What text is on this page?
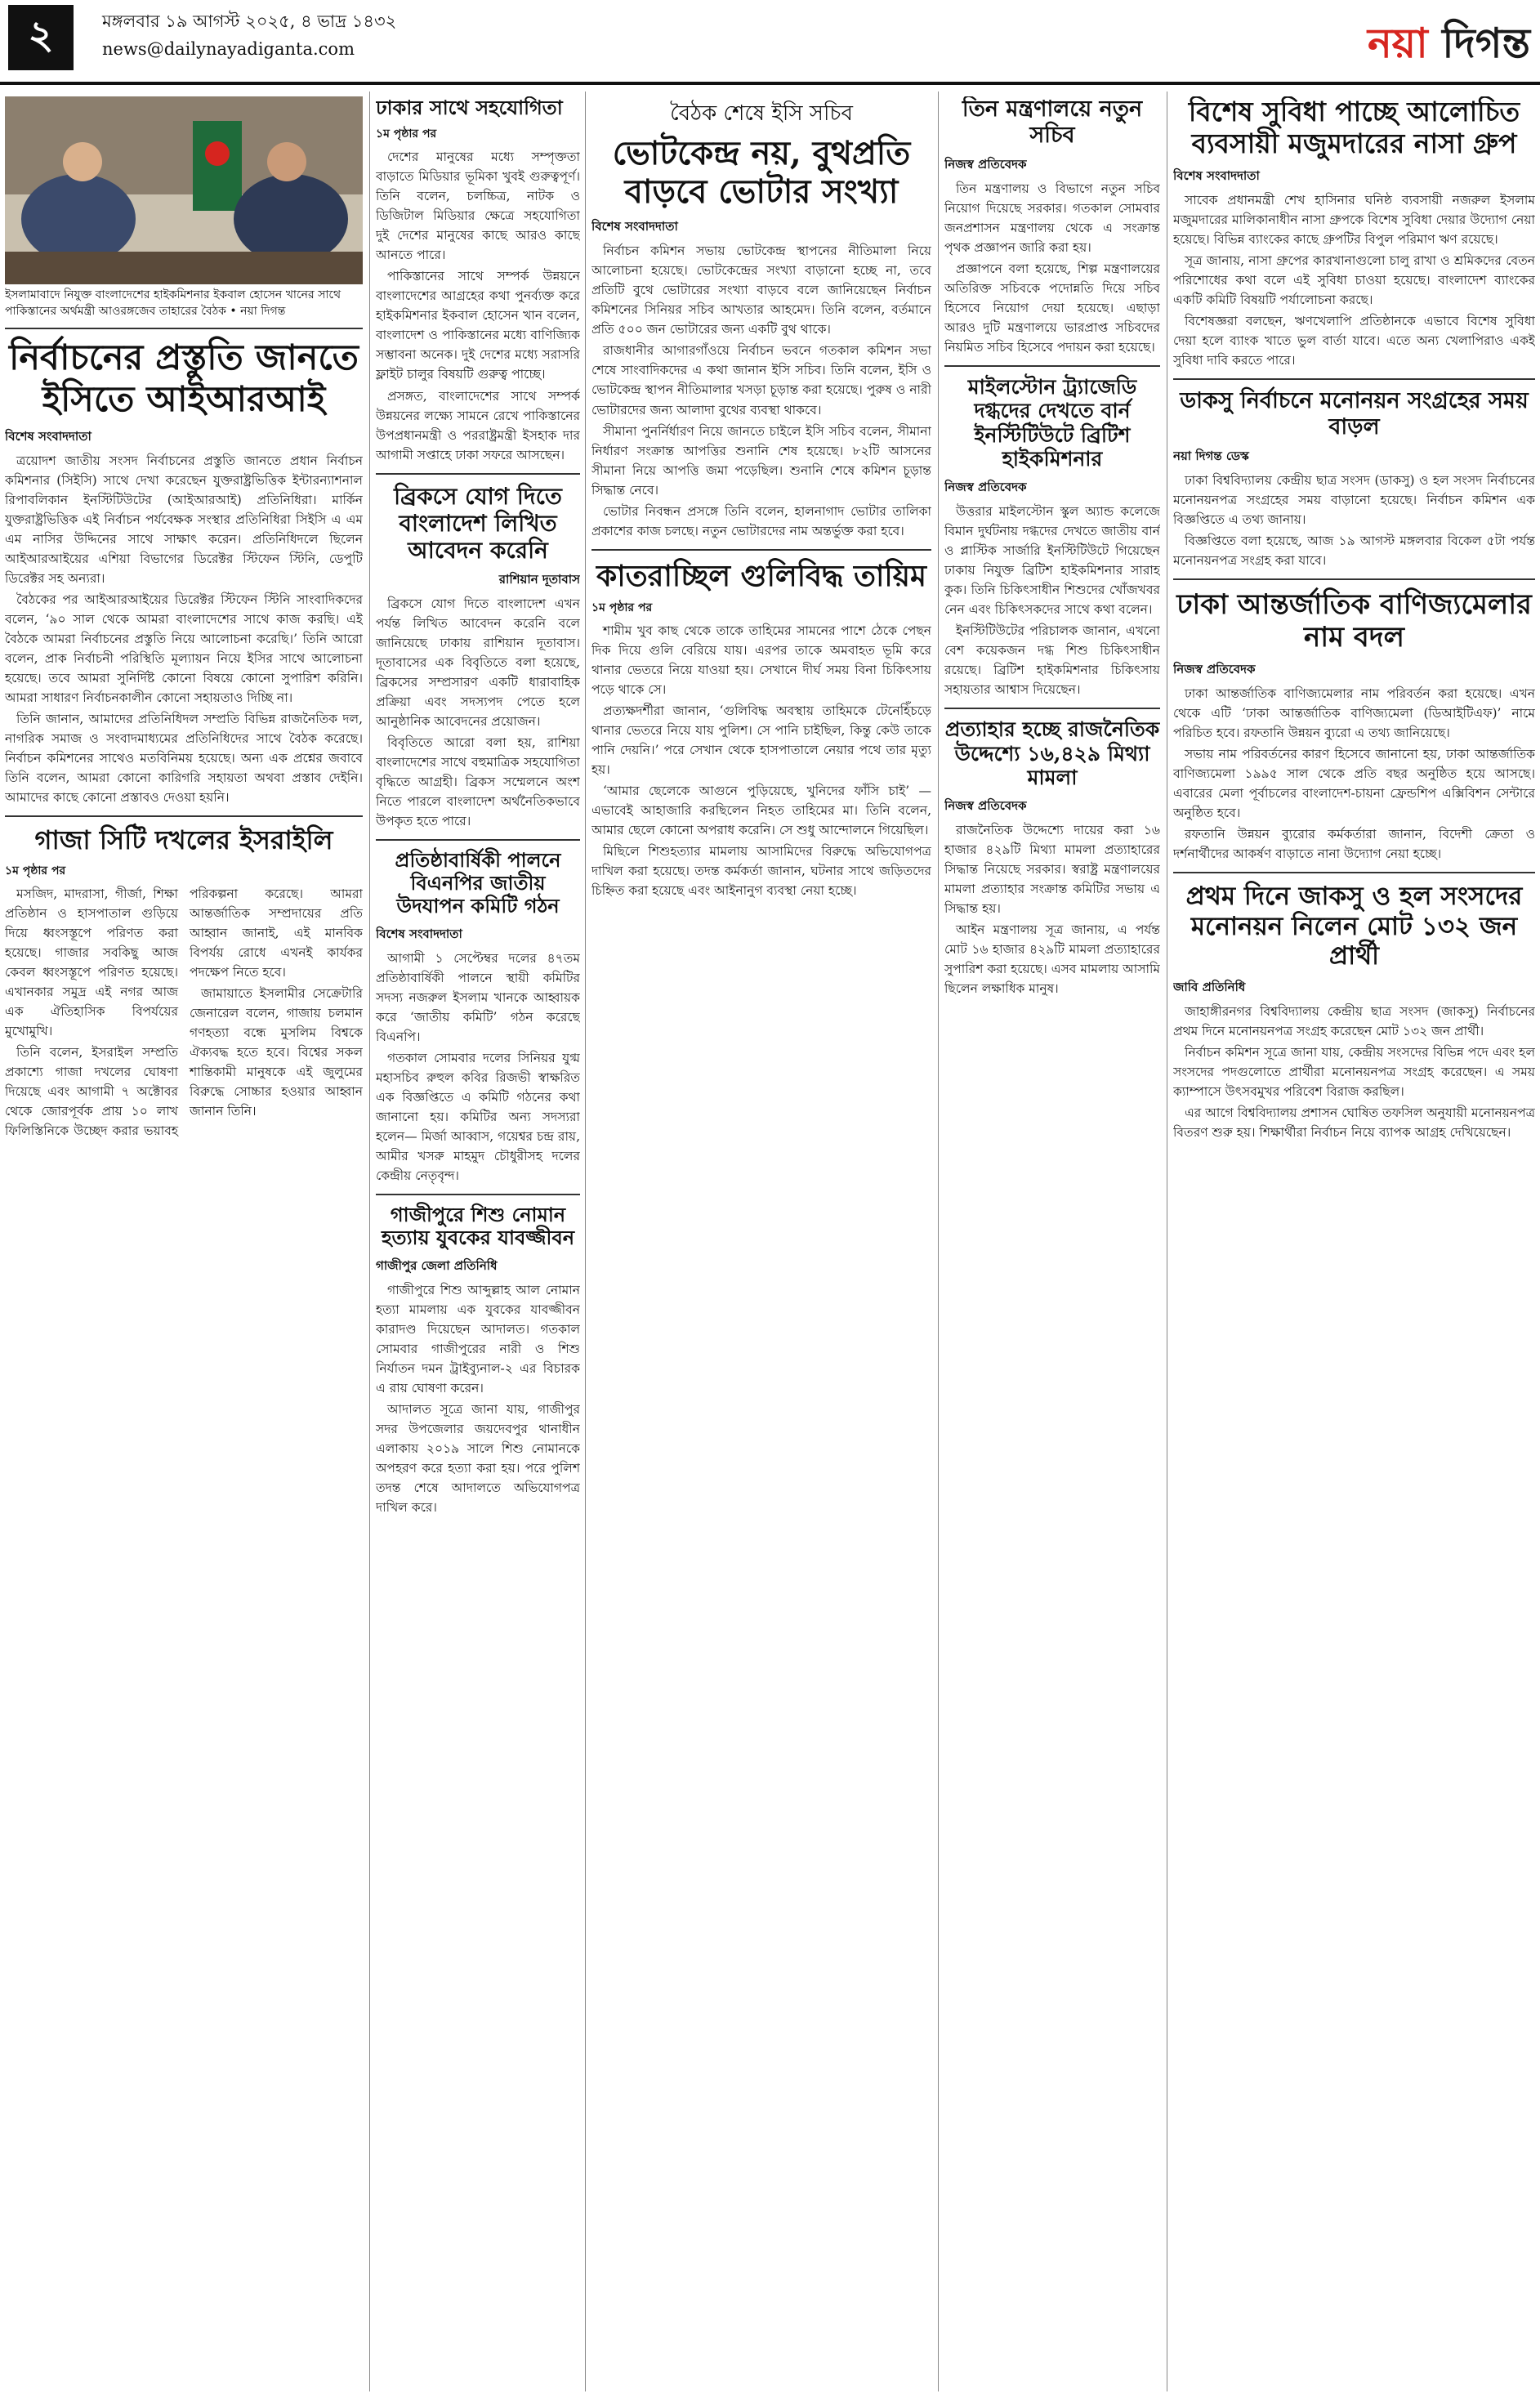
২	মঙ্গলবার ১৯ আগস্ট ২০২৫, ৪ ভাদ্র ১৪৩২
news@dailynayadiganta.com	নয়া দিগন্ত
ইসলামাবাদে নিযুক্ত বাংলাদেশের হাইকমিশনার ইকবাল হোসেন খানের সাথে পাকিস্তানের অর্থমন্ত্রী আওরঙ্গজেব তাহারের বৈঠক • নয়া দিগন্ত
নির্বাচনের প্রস্তুতি জানতে ইসিতে আইআরআই
বিশেষ সংবাদদাতা

ত্রয়োদশ জাতীয় সংসদ নির্বাচনের প্রস্তুতি জানতে প্রধান নির্বাচন কমিশনার (সিইসি) সাথে দেখা করেছেন যুক্তরাষ্ট্রভিত্তিক ইন্টারন্যাশনাল রিপাবলিকান ইনস্টিটিউটের (আইআরআই) প্রতিনিধিরা। মার্কিন যুক্তরাষ্ট্রভিত্তিক এই নির্বাচন পর্যবেক্ষক সংস্থার প্রতিনিধিরা সিইসি এ এম এম নাসির উদ্দিনের সাথে সাক্ষাৎ করেন। প্রতিনিধিদলে ছিলেন আইআরআইয়ের এশিয়া বিভাগের ডিরেক্টর স্টিফেন স্টিনি, ডেপুটি ডিরেক্টর সহ অন্যরা।

বৈঠকের পর আইআরআইয়ের ডিরেক্টর স্টিফেন স্টিনি সাংবাদিকদের বলেন, ‘৯০ সাল থেকে আমরা বাংলাদেশের সাথে কাজ করছি। এই বৈঠকে আমরা নির্বাচনের প্রস্তুতি নিয়ে আলোচনা করেছি।’ তিনি আরো বলেন, প্রাক নির্বাচনী পরিস্থিতি মূল্যায়ন নিয়ে ইসির সাথে আলোচনা হয়েছে। তবে আমরা সুনির্দিষ্ট কোনো বিষয়ে কোনো সুপারিশ করিনি। আমরা সাধারণ নির্বাচনকালীন কোনো সহায়তাও দিচ্ছি না।

তিনি জানান, আমাদের প্রতিনিধিদল সম্প্রতি বিভিন্ন রাজনৈতিক দল, নাগরিক সমাজ ও সংবাদমাধ্যমের প্রতিনিধিদের সাথে বৈঠক করেছে। নির্বাচন কমিশনের সাথেও মতবিনিময় হয়েছে। অন্য এক প্রশ্নের জবাবে তিনি বলেন, আমরা কোনো কারিগরি সহায়তা অথবা প্রস্তাব দেইনি। আমাদের কাছে কোনো প্রস্তাবও দেওয়া হয়নি।

গাজা সিটি দখলের ইসরাইলি
১ম পৃষ্ঠার পর

মসজিদ, মাদরাসা, গীর্জা, শিক্ষা প্রতিষ্ঠান ও হাসপাতাল গুড়িয়ে দিয়ে ধ্বংসস্তূপে পরিণত করা হয়েছে। গাজার সবকিছু আজ কেবল ধ্বংসস্তূপে পরিণত হয়েছে। এখানকার সমুদ্র এই নগর আজ এক ঐতিহাসিক বিপর্যয়ের মুখোমুখি।

তিনি বলেন, ইসরাইল সম্প্রতি প্রকাশ্যে গাজা দখলের ঘোষণা দিয়েছে এবং আগামী ৭ অক্টোবর থেকে জোরপূর্বক প্রায় ১০ লাখ ফিলিস্তিনিকে উচ্ছেদ করার ভয়াবহ পরিকল্পনা করেছে। আমরা আন্তর্জাতিক সম্প্রদায়ের প্রতি আহ্বান জানাই, এই মানবিক বিপর্যয় রোধে এখনই কার্যকর পদক্ষেপ নিতে হবে।

জামায়াতে ইসলামীর সেক্রেটারি জেনারেল বলেন, গাজায় চলমান গণহত্যা বন্ধে মুসলিম বিশ্বকে ঐক্যবদ্ধ হতে হবে। বিশ্বের সকল শান্তিকামী মানুষকে এই জুলুমের বিরুদ্ধে সোচ্চার হওয়ার আহ্বান জানান তিনি।

ঢাকার সাথে সহযোগিতা
১ম পৃষ্ঠার পর

দেশের মানুষের মধ্যে সম্পৃক্ততা বাড়াতে মিডিয়ার ভূমিকা খুবই গুরুত্বপূর্ণ। তিনি বলেন, চলচ্চিত্র, নাটক ও ডিজিটাল মিডিয়ার ক্ষেত্রে সহযোগিতা দুই দেশের মানুষের কাছে আরও কাছে আনতে পারে।

পাকিস্তানের সাথে সম্পর্ক উন্নয়নে বাংলাদেশের আগ্রহের কথা পুনর্ব্যক্ত করে হাইকমিশনার ইকবাল হোসেন খান বলেন, বাংলাদেশ ও পাকিস্তানের মধ্যে বাণিজ্যিক সম্ভাবনা অনেক। দুই দেশের মধ্যে সরাসরি ফ্লাইট চালুর বিষয়টি গুরুত্ব পাচ্ছে।

প্রসঙ্গত, বাংলাদেশের সাথে সম্পর্ক উন্নয়নের লক্ষ্যে সামনে রেখে পাকিস্তানের উপপ্রধানমন্ত্রী ও পররাষ্ট্রমন্ত্রী ইসহাক দার আগামী সপ্তাহে ঢাকা সফরে আসছেন।

ব্রিকসে যোগ দিতে বাংলাদেশ লিখিত আবেদন করেনি
রাশিয়ান দূতাবাস

ব্রিকসে যোগ দিতে বাংলাদেশ এখন পর্যন্ত লিখিত আবেদন করেনি বলে জানিয়েছে ঢাকায় রাশিয়ান দূতাবাস। দূতাবাসের এক বিবৃতিতে বলা হয়েছে, ব্রিকসের সম্প্রসারণ একটি ধারাবাহিক প্রক্রিয়া এবং সদস্যপদ পেতে হলে আনুষ্ঠানিক আবেদনের প্রয়োজন।

বিবৃতিতে আরো বলা হয়, রাশিয়া বাংলাদেশের সাথে বহুমাত্রিক সহযোগিতা বৃদ্ধিতে আগ্রহী। ব্রিকস সম্মেলনে অংশ নিতে পারলে বাংলাদেশ অর্থনৈতিকভাবে উপকৃত হতে পারে।

প্রতিষ্ঠাবার্ষিকী পালনে বিএনপির জাতীয় উদযাপন কমিটি গঠন
বিশেষ সংবাদদাতা

আগামী ১ সেপ্টেম্বর দলের ৪৭তম প্রতিষ্ঠাবার্ষিকী পালনে স্থায়ী কমিটির সদস্য নজরুল ইসলাম খানকে আহ্বায়ক করে ‘জাতীয় কমিটি’ গঠন করেছে বিএনপি।

গতকাল সোমবার দলের সিনিয়র যুগ্ম মহাসচিব রুহুল কবির রিজভী স্বাক্ষরিত এক বিজ্ঞপ্তিতে এ কমিটি গঠনের কথা জানানো হয়। কমিটির অন্য সদস্যরা হলেন— মির্জা আব্বাস, গয়েশ্বর চন্দ্র রায়, আমীর খসরু মাহমুদ চৌধুরীসহ দলের কেন্দ্রীয় নেতৃবৃন্দ।

গাজীপুরে শিশু নোমান হত্যায় যুবকের যাবজ্জীবন
গাজীপুর জেলা প্রতিনিধি

গাজীপুরে শিশু আব্দুল্লাহ আল নোমান হত্যা মামলায় এক যুবকের যাবজ্জীবন কারাদণ্ড দিয়েছেন আদালত। গতকাল সোমবার গাজীপুরের নারী ও শিশু নির্যাতন দমন ট্রাইব্যুনাল-২ এর বিচারক এ রায় ঘোষণা করেন।

আদালত সূত্রে জানা যায়, গাজীপুর সদর উপজেলার জয়দেবপুর থানাধীন এলাকায় ২০১৯ সালে শিশু নোমানকে অপহরণ করে হত্যা করা হয়। পরে পুলিশ তদন্ত শেষে আদালতে অভিযোগপত্র দাখিল করে।

বৈঠক শেষে ইসি সচিব
ভোটকেন্দ্র নয়, বুথপ্রতি বাড়বে ভোটার সংখ্যা
বিশেষ সংবাদদাতা

নির্বাচন কমিশন সভায় ভোটকেন্দ্র স্থাপনের নীতিমালা নিয়ে আলোচনা হয়েছে। ভোটকেন্দ্রের সংখ্যা বাড়ানো হচ্ছে না, তবে প্রতিটি বুথে ভোটারের সংখ্যা বাড়বে বলে জানিয়েছেন নির্বাচন কমিশনের সিনিয়র সচিব আখতার আহমেদ। তিনি বলেন, বর্তমানে প্রতি ৫০০ জন ভোটারের জন্য একটি বুথ থাকে।

রাজধানীর আগারগাঁওয়ে নির্বাচন ভবনে গতকাল কমিশন সভা শেষে সাংবাদিকদের এ কথা জানান ইসি সচিব। তিনি বলেন, ইসি ও ভোটকেন্দ্র স্থাপন নীতিমালার খসড়া চূড়ান্ত করা হয়েছে। পুরুষ ও নারী ভোটারদের জন্য আলাদা বুথের ব্যবস্থা থাকবে।

সীমানা পুনর্নির্ধারণ নিয়ে জানতে চাইলে ইসি সচিব বলেন, সীমানা নির্ধারণ সংক্রান্ত আপত্তির শুনানি শেষ হয়েছে। ৮২টি আসনের সীমানা নিয়ে আপত্তি জমা পড়েছিল। শুনানি শেষে কমিশন চূড়ান্ত সিদ্ধান্ত নেবে।

ভোটার নিবন্ধন প্রসঙ্গে তিনি বলেন, হালনাগাদ ভোটার তালিকা প্রকাশের কাজ চলছে। নতুন ভোটারদের নাম অন্তর্ভুক্ত করা হবে।

কাতরাচ্ছিল গুলিবিদ্ধ তায়িম
১ম পৃষ্ঠার পর

শামীম খুব কাছ থেকে তাকে তাহিমের সামনের পাশে ঠেকে পেছন দিক দিয়ে গুলি বেরিয়ে যায়। এরপর তাকে অমবাহত ভূমি করে থানার ভেতরে নিয়ে যাওয়া হয়। সেখানে দীর্ঘ সময় বিনা চিকিৎসায় পড়ে থাকে সে।

প্রত্যক্ষদর্শীরা জানান, ‘গুলিবিদ্ধ অবস্থায় তাহিমকে টেনেহিঁচড়ে থানার ভেতরে নিয়ে যায় পুলিশ। সে পানি চাইছিল, কিন্তু কেউ তাকে পানি দেয়নি।’ পরে সেখান থেকে হাসপাতালে নেয়ার পথে তার মৃত্যু হয়।

‘আমার ছেলেকে আগুনে পুড়িয়েছে, খুনিদের ফাঁসি চাই’ — এভাবেই আহাজারি করছিলেন নিহত তাহিমের মা। তিনি বলেন, আমার ছেলে কোনো অপরাধ করেনি। সে শুধু আন্দোলনে গিয়েছিল।

মিছিলে শিশুহত্যার মামলায় আসামিদের বিরুদ্ধে অভিযোগপত্র দাখিল করা হয়েছে। তদন্ত কর্মকর্তা জানান, ঘটনার সাথে জড়িতদের চিহ্নিত করা হয়েছে এবং আইনানুগ ব্যবস্থা নেয়া হচ্ছে।

তিন মন্ত্রণালয়ে নতুন সচিব
নিজস্ব প্রতিবেদক

তিন মন্ত্রণালয় ও বিভাগে নতুন সচিব নিয়োগ দিয়েছে সরকার। গতকাল সোমবার জনপ্রশাসন মন্ত্রণালয় থেকে এ সংক্রান্ত পৃথক প্রজ্ঞাপন জারি করা হয়।

প্রজ্ঞাপনে বলা হয়েছে, শিল্প মন্ত্রণালয়ের অতিরিক্ত সচিবকে পদোন্নতি দিয়ে সচিব হিসেবে নিয়োগ দেয়া হয়েছে। এছাড়া আরও দুটি মন্ত্রণালয়ে ভারপ্রাপ্ত সচিবদের নিয়মিত সচিব হিসেবে পদায়ন করা হয়েছে।

মাইলস্টোন ট্র্যাজেডি দগ্ধদের দেখতে বার্ন ইনস্টিটিউটে ব্রিটিশ হাইকমিশনার
নিজস্ব প্রতিবেদক

উত্তরার মাইলস্টোন স্কুল অ্যান্ড কলেজে বিমান দুর্ঘটনায় দগ্ধদের দেখতে জাতীয় বার্ন ও প্লাস্টিক সার্জারি ইনস্টিটিউটে গিয়েছেন ঢাকায় নিযুক্ত ব্রিটিশ হাইকমিশনার সারাহ কুক। তিনি চিকিৎসাধীন শিশুদের খোঁজখবর নেন এবং চিকিৎসকদের সাথে কথা বলেন।

ইনস্টিটিউটের পরিচালক জানান, এখনো বেশ কয়েকজন দগ্ধ শিশু চিকিৎসাধীন রয়েছে। ব্রিটিশ হাইকমিশনার চিকিৎসায় সহায়তার আশ্বাস দিয়েছেন।

প্রত্যাহার হচ্ছে রাজনৈতিক উদ্দেশ্যে ১৬,৪২৯ মিথ্যা মামলা
নিজস্ব প্রতিবেদক

রাজনৈতিক উদ্দেশ্যে দায়ের করা ১৬ হাজার ৪২৯টি মিথ্যা মামলা প্রত্যাহারের সিদ্ধান্ত নিয়েছে সরকার। স্বরাষ্ট্র মন্ত্রণালয়ের মামলা প্রত্যাহার সংক্রান্ত কমিটির সভায় এ সিদ্ধান্ত হয়।

আইন মন্ত্রণালয় সূত্র জানায়, এ পর্যন্ত মোট ১৬ হাজার ৪২৯টি মামলা প্রত্যাহারের সুপারিশ করা হয়েছে। এসব মামলায় আসামি ছিলেন লক্ষাধিক মানুষ।

বিশেষ সুবিধা পাচ্ছে আলোচিত ব্যবসায়ী মজুমদারের নাসা গ্রুপ
বিশেষ সংবাদদাতা

সাবেক প্রধানমন্ত্রী শেখ হাসিনার ঘনিষ্ঠ ব্যবসায়ী নজরুল ইসলাম মজুমদারের মালিকানাধীন নাসা গ্রুপকে বিশেষ সুবিধা দেয়ার উদ্যোগ নেয়া হয়েছে। বিভিন্ন ব্যাংকের কাছে গ্রুপটির বিপুল পরিমাণ ঋণ রয়েছে।

সূত্র জানায়, নাসা গ্রুপের কারখানাগুলো চালু রাখা ও শ্রমিকদের বেতন পরিশোধের কথা বলে এই সুবিধা চাওয়া হয়েছে। বাংলাদেশ ব্যাংকের একটি কমিটি বিষয়টি পর্যালোচনা করছে।

বিশেষজ্ঞরা বলছেন, ঋণখেলাপি প্রতিষ্ঠানকে এভাবে বিশেষ সুবিধা দেয়া হলে ব্যাংক খাতে ভুল বার্তা যাবে। এতে অন্য খেলাপিরাও একই সুবিধা দাবি করতে পারে।

ডাকসু নির্বাচনে মনোনয়ন সংগ্রহের সময় বাড়ল
নয়া দিগন্ত ডেস্ক

ঢাকা বিশ্ববিদ্যালয় কেন্দ্রীয় ছাত্র সংসদ (ডাকসু) ও হল সংসদ নির্বাচনের মনোনয়নপত্র সংগ্রহের সময় বাড়ানো হয়েছে। নির্বাচন কমিশন এক বিজ্ঞপ্তিতে এ তথ্য জানায়।

বিজ্ঞপ্তিতে বলা হয়েছে, আজ ১৯ আগস্ট মঙ্গলবার বিকেল ৫টা পর্যন্ত মনোনয়নপত্র সংগ্রহ করা যাবে।

ঢাকা আন্তর্জাতিক বাণিজ্যমেলার নাম বদল
নিজস্ব প্রতিবেদক

ঢাকা আন্তর্জাতিক বাণিজ্যমেলার নাম পরিবর্তন করা হয়েছে। এখন থেকে এটি ‘ঢাকা আন্তর্জাতিক বাণিজ্যমেলা (ডিআইটিএফ)’ নামে পরিচিত হবে। রফতানি উন্নয়ন ব্যুরো এ তথ্য জানিয়েছে।

সভায় নাম পরিবর্তনের কারণ হিসেবে জানানো হয়, ঢাকা আন্তর্জাতিক বাণিজ্যমেলা ১৯৯৫ সাল থেকে প্রতি বছর অনুষ্ঠিত হয়ে আসছে। এবারের মেলা পূর্বাচলের বাংলাদেশ-চায়না ফ্রেন্ডশিপ এক্সিবিশন সেন্টারে অনুষ্ঠিত হবে।

রফতানি উন্নয়ন ব্যুরোর কর্মকর্তারা জানান, বিদেশী ক্রেতা ও দর্শনার্থীদের আকর্ষণ বাড়াতে নানা উদ্যোগ নেয়া হচ্ছে।

প্রথম দিনে জাকসু ও হল সংসদের মনোনয়ন নিলেন মোট ১৩২ জন প্রার্থী
জাবি প্রতিনিধি

জাহাঙ্গীরনগর বিশ্ববিদ্যালয় কেন্দ্রীয় ছাত্র সংসদ (জাকসু) নির্বাচনের প্রথম দিনে মনোনয়নপত্র সংগ্রহ করেছেন মোট ১৩২ জন প্রার্থী।

নির্বাচন কমিশন সূত্রে জানা যায়, কেন্দ্রীয় সংসদের বিভিন্ন পদে এবং হল সংসদের পদগুলোতে প্রার্থীরা মনোনয়নপত্র সংগ্রহ করেছেন। এ সময় ক্যাম্পাসে উৎসবমুখর পরিবেশ বিরাজ করছিল।

এর আগে বিশ্ববিদ্যালয় প্রশাসন ঘোষিত তফসিল অনুযায়ী মনোনয়নপত্র বিতরণ শুরু হয়। শিক্ষার্থীরা নির্বাচন নিয়ে ব্যাপক আগ্রহ দেখিয়েছেন।
